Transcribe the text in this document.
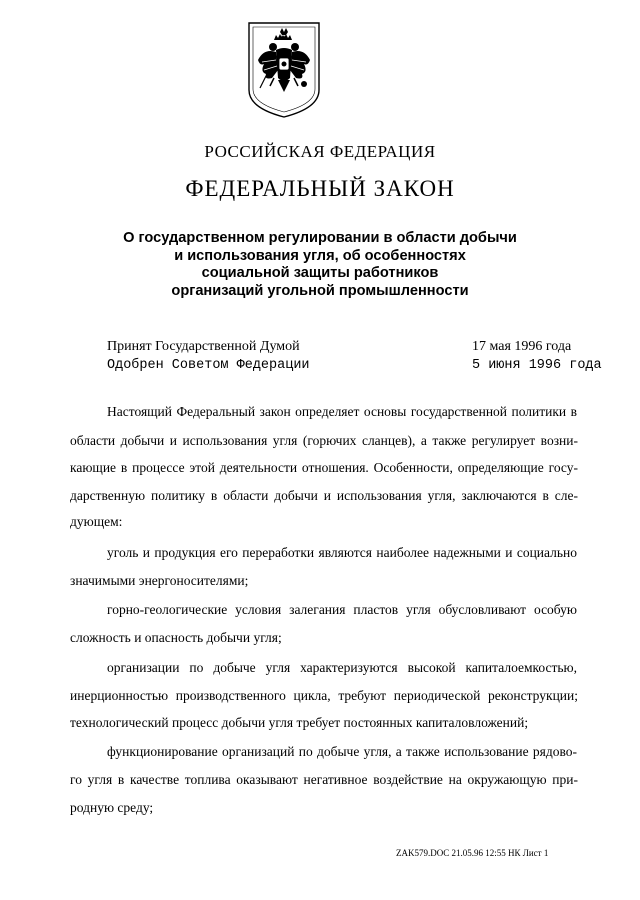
РОССИЙСКАЯ ФЕДЕРАЦИЯ
ФЕДЕРАЛЬНЫЙ ЗАКОН
О государственном регулировании в области добычи
и использования угля, об особенностях
социальной защиты работников
организаций угольной промышленности
Принят Государственной Думой	17 мая 1996 года
Одобрен Советом Федерации	5 июня 1996 года
Настоящий Федеральный закон определяет основы государственной политики в
области добычи и использования угля (горючих сланцев), а также регулирует возни-
кающие в процессе этой деятельности отношения. Особенности, определяющие госу-
дарственную политику в области добычи и использования угля, заключаются в сле-
дующем:
уголь и продукция его переработки являются наиболее надежными и социально
значимыми энергоносителями;
горно-геологические условия залегания пластов угля обусловливают особую
сложность и опасность добычи угля;
организации по добыче угля характеризуются высокой капиталоемкостью,
инерционностью производственного цикла, требуют периодической реконструкции;
технологический процесс добычи угля требует постоянных капиталовложений;
функционирование организаций по добыче угля, а также использование рядово-
го угля в качестве топлива оказывают негативное воздействие на окружающую при-
родную среду;
ZAK579.DOC 21.05.96 12:55 НК Лист 1
